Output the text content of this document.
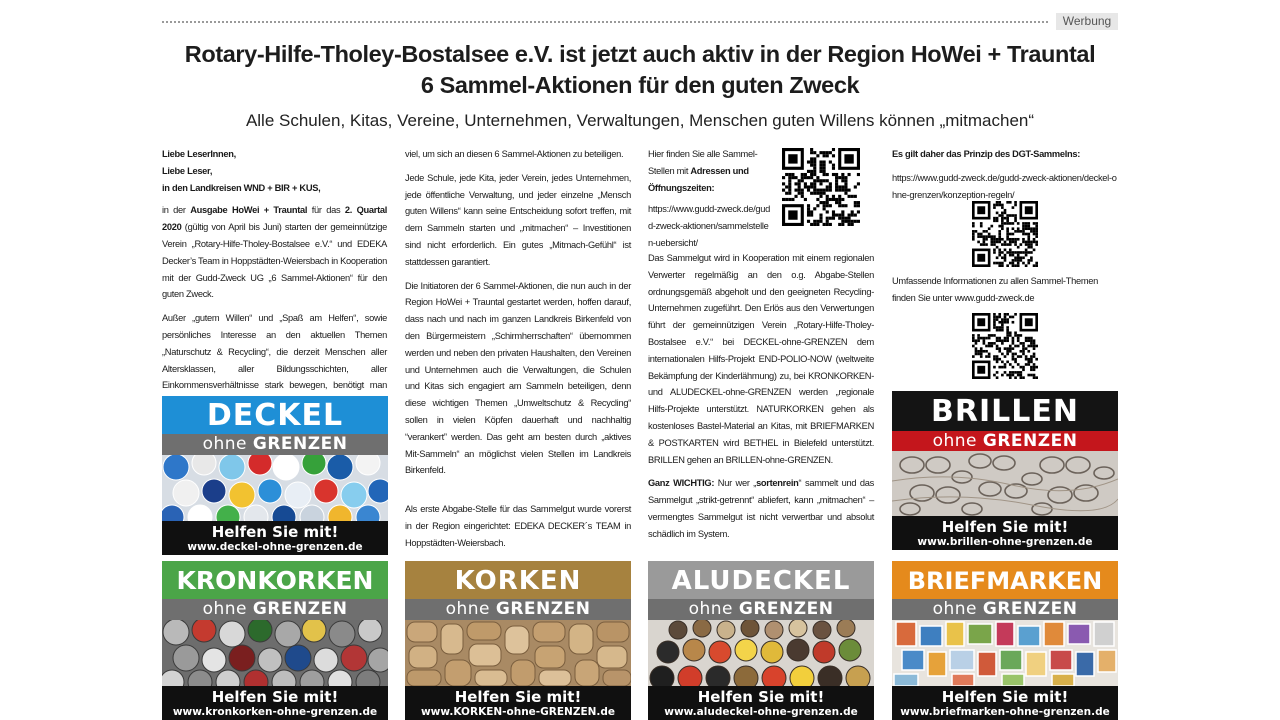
Werbung
Rotary-Hilfe-Tholey-Bostalsee e.V. ist jetzt auch aktiv in der Region HoWei + Trauntal
6 Sammel-Aktionen für den guten Zweck
Alle Schulen, Kitas, Vereine, Unternehmen, Verwaltungen, Menschen guten Willens können „mitmachen“

Liebe LeserInnen,
Liebe Leser,
in den Landkreisen WND + BIR + KUS,

in der Ausgabe HoWei + Trauntal für das 2. Quartal 2020 (gültig von April bis Juni) starten der gemeinnützige Verein „Rotary-Hilfe-Tholey-Bostalsee e.V.“ und EDEKA Decker’s Team in Hoppstädten-Weiersbach in Kooperation mit der Gudd-Zweck UG „6 Sammel-Aktionen“ für den guten Zweck.

Außer „gutem Willen“ und „Spaß am Helfen“, sowie persönliches Interesse an den aktuellen Themen „Naturschutz & Recycling“, die derzeit Menschen aller Altersklassen, aller Bildungsschichten, aller Einkommensverhältnisse stark bewegen, benötigt man

viel, um sich an diesen 6 Sammel-Aktionen zu beteiligen.

Jede Schule, jede Kita, jeder Verein, jedes Unternehmen, jede öffentliche Verwaltung, und jeder einzelne „Mensch guten Willens“ kann seine Entscheidung sofort treffen, mit dem Sammeln starten und „mitmachen“ – Investitionen sind nicht erforderlich. Ein gutes „Mitmach-Gefühl“ ist stattdessen garantiert.

Die Initiatoren der 6 Sammel-Aktionen, die nun auch in der Region HoWei + Trauntal gestartet werden, hoffen darauf, dass nach und nach im ganzen Landkreis Birkenfeld von den Bürgermeistern „Schirmherrschaften“ übernommen werden und neben den privaten Haushalten, den Vereinen und Unternehmen auch die Verwaltungen, die Schulen und Kitas sich engagiert am Sammeln beteiligen, denn diese wichtigen Themen „Umweltschutz & Recycling“ sollen in vielen Köpfen dauerhaft und nachhaltig “verankert” werden. Das geht am besten durch „aktives Mit-Sammeln“ an möglichst vielen Stellen im Landkreis Birkenfeld.

Als erste Abgabe-Stelle für das Sammelgut wurde vorerst in der Region eingerichtet: EDEKA DECKER´s TEAM in Hoppstädten-Weiersbach.

Hier finden Sie alle Sammel-Stellen mit Adressen und Öffnungszeiten:

https://www.gudd-zweck.de/gudd-zweck-aktionen/sammelstellen-uebersicht/

Das Sammelgut wird in Kooperation mit einem regionalen Verwerter regelmäßig an den o.g. Abgabe-Stellen ordnungsgemäß abgeholt und den geeigneten Recycling-Unternehmen zugeführt. Den Erlös aus den Verwertungen führt der gemeinnützigen Verein „Rotary-Hilfe-Tholey-Bostalsee e.V.“ bei DECKEL-ohne-GRENZEN dem internationalen Hilfs-Projekt END-POLIO-NOW (weltweite Bekämpfung der Kinderlähmung) zu, bei KRONKORKEN- und ALUDECKEL-ohne-GRENZEN werden „regionale Hilfs-Projekte unterstützt. NATURKORKEN gehen als kostenloses Bastel-Material an Kitas, mit BRIEFMARKEN & POSTKARTEN wird BETHEL in Bielefeld unterstützt. BRILLEN gehen an BRILLEN-ohne-GRENZEN.

Ganz WICHTIG: Nur wer „sortenrein“ sammelt und das Sammelgut „strikt-getrennt“ abliefert, kann „mitmachen“ – vermengtes Sammelgut ist nicht verwertbar und absolut schädlich im System.

Es gilt daher das Prinzip des DGT-Sammelns:

https://www.gudd-zweck.de/gudd-zweck-aktionen/deckel-ohne-grenzen/konzeption-regeln/

Umfassende Informationen zu allen Sammel-Themen finden Sie unter www.gudd-zweck.de
DECKEL
ohne GRENZEN
Helfen Sie mit!
www.deckel-ohne-grenzen.de
BRILLEN
ohne GRENZEN
Helfen Sie mit!
www.brillen-ohne-grenzen.de
KRONKORKEN
ohne GRENZEN
Helfen Sie mit!
www.kronkorken-ohne-grenzen.de
KORKEN
ohne GRENZEN
Helfen Sie mit!
www.KORKEN-ohne-GRENZEN.de
ALUDECKEL
ohne GRENZEN
Helfen Sie mit!
www.aludeckel-ohne-grenzen.de
BRIEFMARKEN
ohne GRENZEN
Helfen Sie mit!
www.briefmarken-ohne-grenzen.de
